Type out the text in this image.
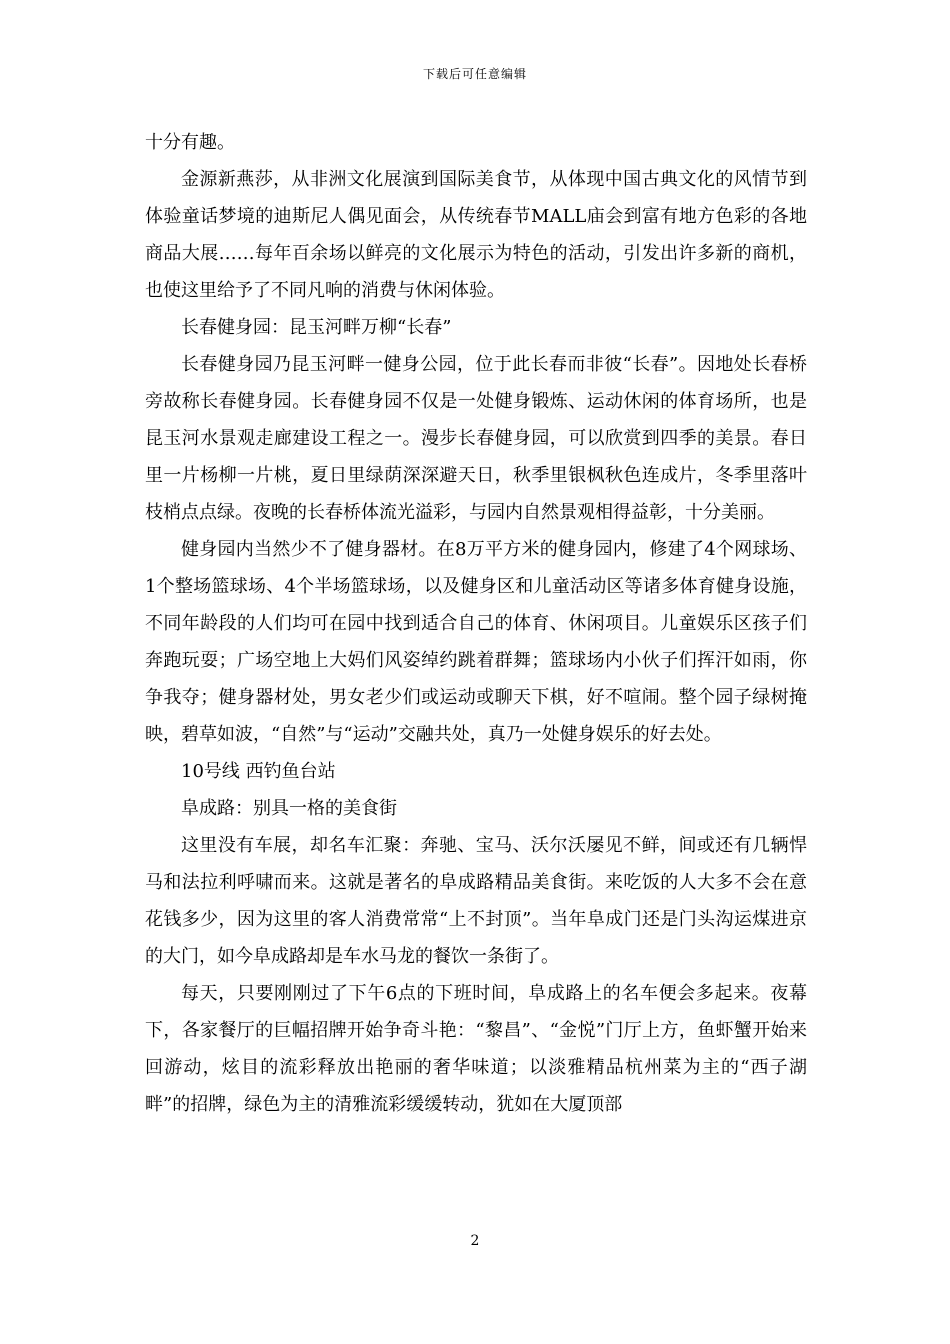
下载后可任意编辑

十分有趣。

金源新燕莎，从非洲文化展演到国际美食节，从体现中国古典文化的风情节到体验童话梦境的迪斯尼人偶见面会，从传统春节MALL庙会到富有地方色彩的各地商品大展……每年百余场以鲜亮的文化展示为特色的活动，引发出许多新的商机，也使这里给予了不同凡响的消费与休闲体验。

长春健身园：昆玉河畔万柳“长春”

长春健身园乃昆玉河畔一健身公园，位于此长春而非彼“长春”。因地处长春桥旁故称长春健身园。长春健身园不仅是一处健身锻炼、运动休闲的体育场所，也是昆玉河水景观走廊建设工程之一。漫步长春健身园，可以欣赏到四季的美景。春日里一片杨柳一片桃，夏日里绿荫深深避天日，秋季里银枫秋色连成片，冬季里落叶枝梢点点绿。夜晚的长春桥体流光溢彩，与园内自然景观相得益彰，十分美丽。

健身园内当然少不了健身器材。在8万平方米的健身园内，修建了4个网球场、1个整场篮球场、4个半场篮球场，以及健身区和儿童活动区等诸多体育健身设施，不同年龄段的人们均可在园中找到适合自己的体育、休闲项目。儿童娱乐区孩子们奔跑玩耍；广场空地上大妈们风姿绰约跳着群舞；篮球场内小伙子们挥汗如雨，你争我夺；健身器材处，男女老少们或运动或聊天下棋，好不喧闹。整个园子绿树掩映，碧草如波，“自然”与“运动”交融共处，真乃一处健身娱乐的好去处。

10号线 西钓鱼台站

阜成路：别具一格的美食街

这里没有车展，却名车汇聚：奔驰、宝马、沃尔沃屡见不鲜，间或还有几辆悍马和法拉利呼啸而来。这就是著名的阜成路精品美食街。来吃饭的人大多不会在意花钱多少，因为这里的客人消费常常“上不封顶”。当年阜成门还是门头沟运煤进京的大门，如今阜成路却是车水马龙的餐饮一条街了。

每天，只要刚刚过了下午6点的下班时间，阜成路上的名车便会多起来。夜幕下，各家餐厅的巨幅招牌开始争奇斗艳：“黎昌”、“金悦”门厅上方，鱼虾蟹开始来回游动，炫目的流彩释放出艳丽的奢华味道；以淡雅精品杭州菜为主的“西子湖畔”的招牌，绿色为主的清雅流彩缓缓转动，犹如在大厦顶部

2
